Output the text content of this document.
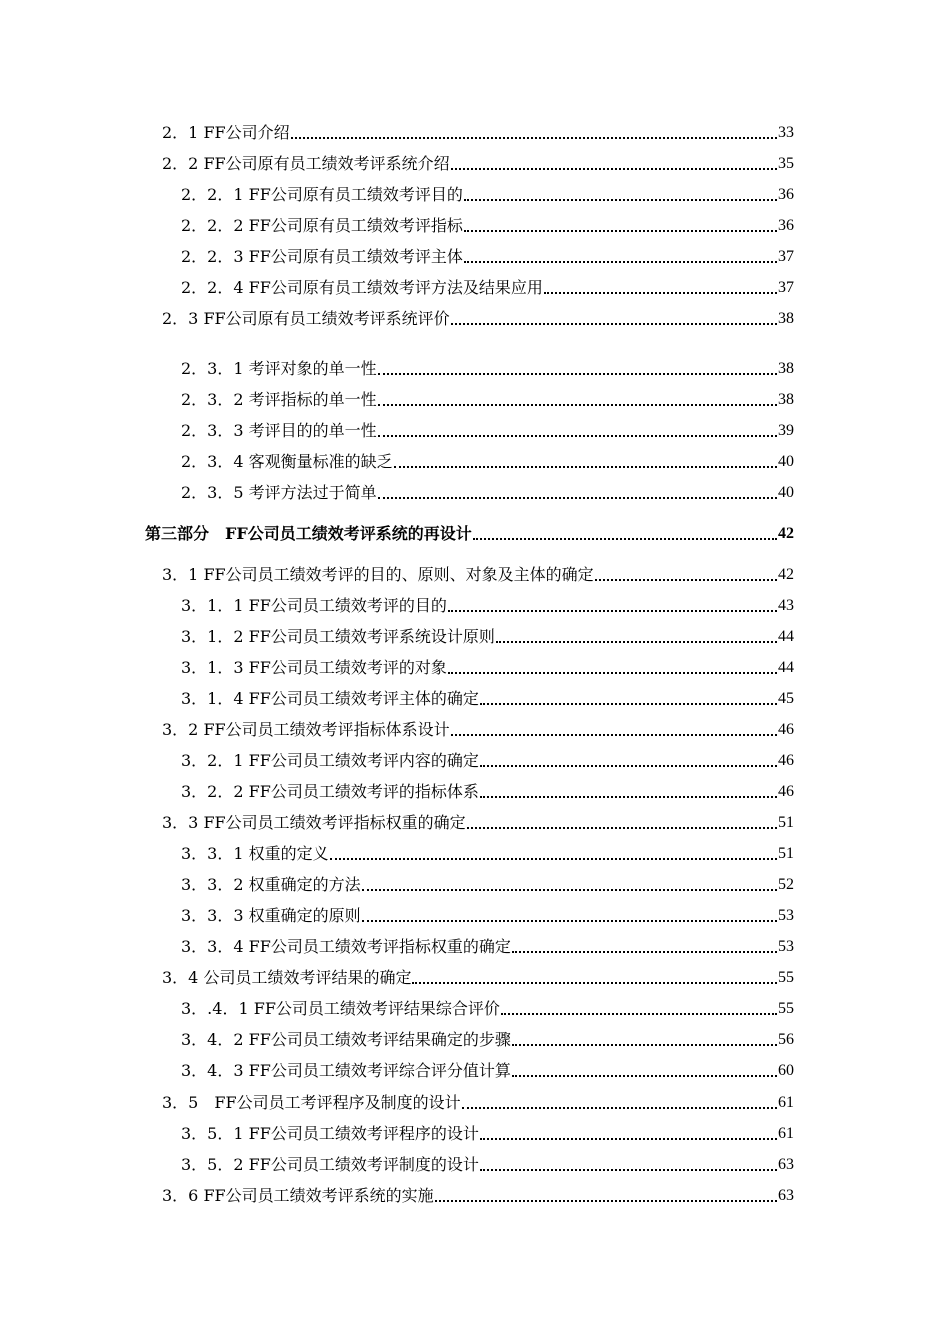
2．1 FF公司介绍	33
2．2 FF公司原有员工绩效考评系统介绍	35
2．2．1 FF公司原有员工绩效考评目的	36
2．2．2 FF公司原有员工绩效考评指标	36
2．2．3 FF公司原有员工绩效考评主体	37
2．2．4 FF公司原有员工绩效考评方法及结果应用	37
2．3 FF公司原有员工绩效考评系统评价	38
2．3．1 考评对象的单一性	38
2．3．2 考评指标的单一性	38
2．3．3 考评目的的单一性	39
2．3．4 客观衡量标准的缺乏	40
2．3．5 考评方法过于简单	40
第三部分　FF公司员工绩效考评系统的再设计	42
3．1 FF公司员工绩效考评的目的、原则、对象及主体的确定	42
3．1．1 FF公司员工绩效考评的目的	43
3．1．2 FF公司员工绩效考评系统设计原则	44
3．1．3 FF公司员工绩效考评的对象	44
3．1．4 FF公司员工绩效考评主体的确定	45
3．2 FF公司员工绩效考评指标体系设计	46
3．2．1 FF公司员工绩效考评内容的确定	46
3．2．2 FF公司员工绩效考评的指标体系	46
3．3 FF公司员工绩效考评指标权重的确定	51
3．3．1 权重的定义	51
3．3．2 权重确定的方法	52
3．3．3 权重确定的原则	53
3．3．4 FF公司员工绩效考评指标权重的确定	53
3．4 公司员工绩效考评结果的确定	55
3．.4．1 FF公司员工绩效考评结果综合评价	55
3．4．2 FF公司员工绩效考评结果确定的步骤	56
3．4．3 FF公司员工绩效考评综合评分值计算	60
3．5　FF公司员工考评程序及制度的设计	61
3．5．1 FF公司员工绩效考评程序的设计	61
3．5．2 FF公司员工绩效考评制度的设计	63
3．6 FF公司员工绩效考评系统的实施	63
